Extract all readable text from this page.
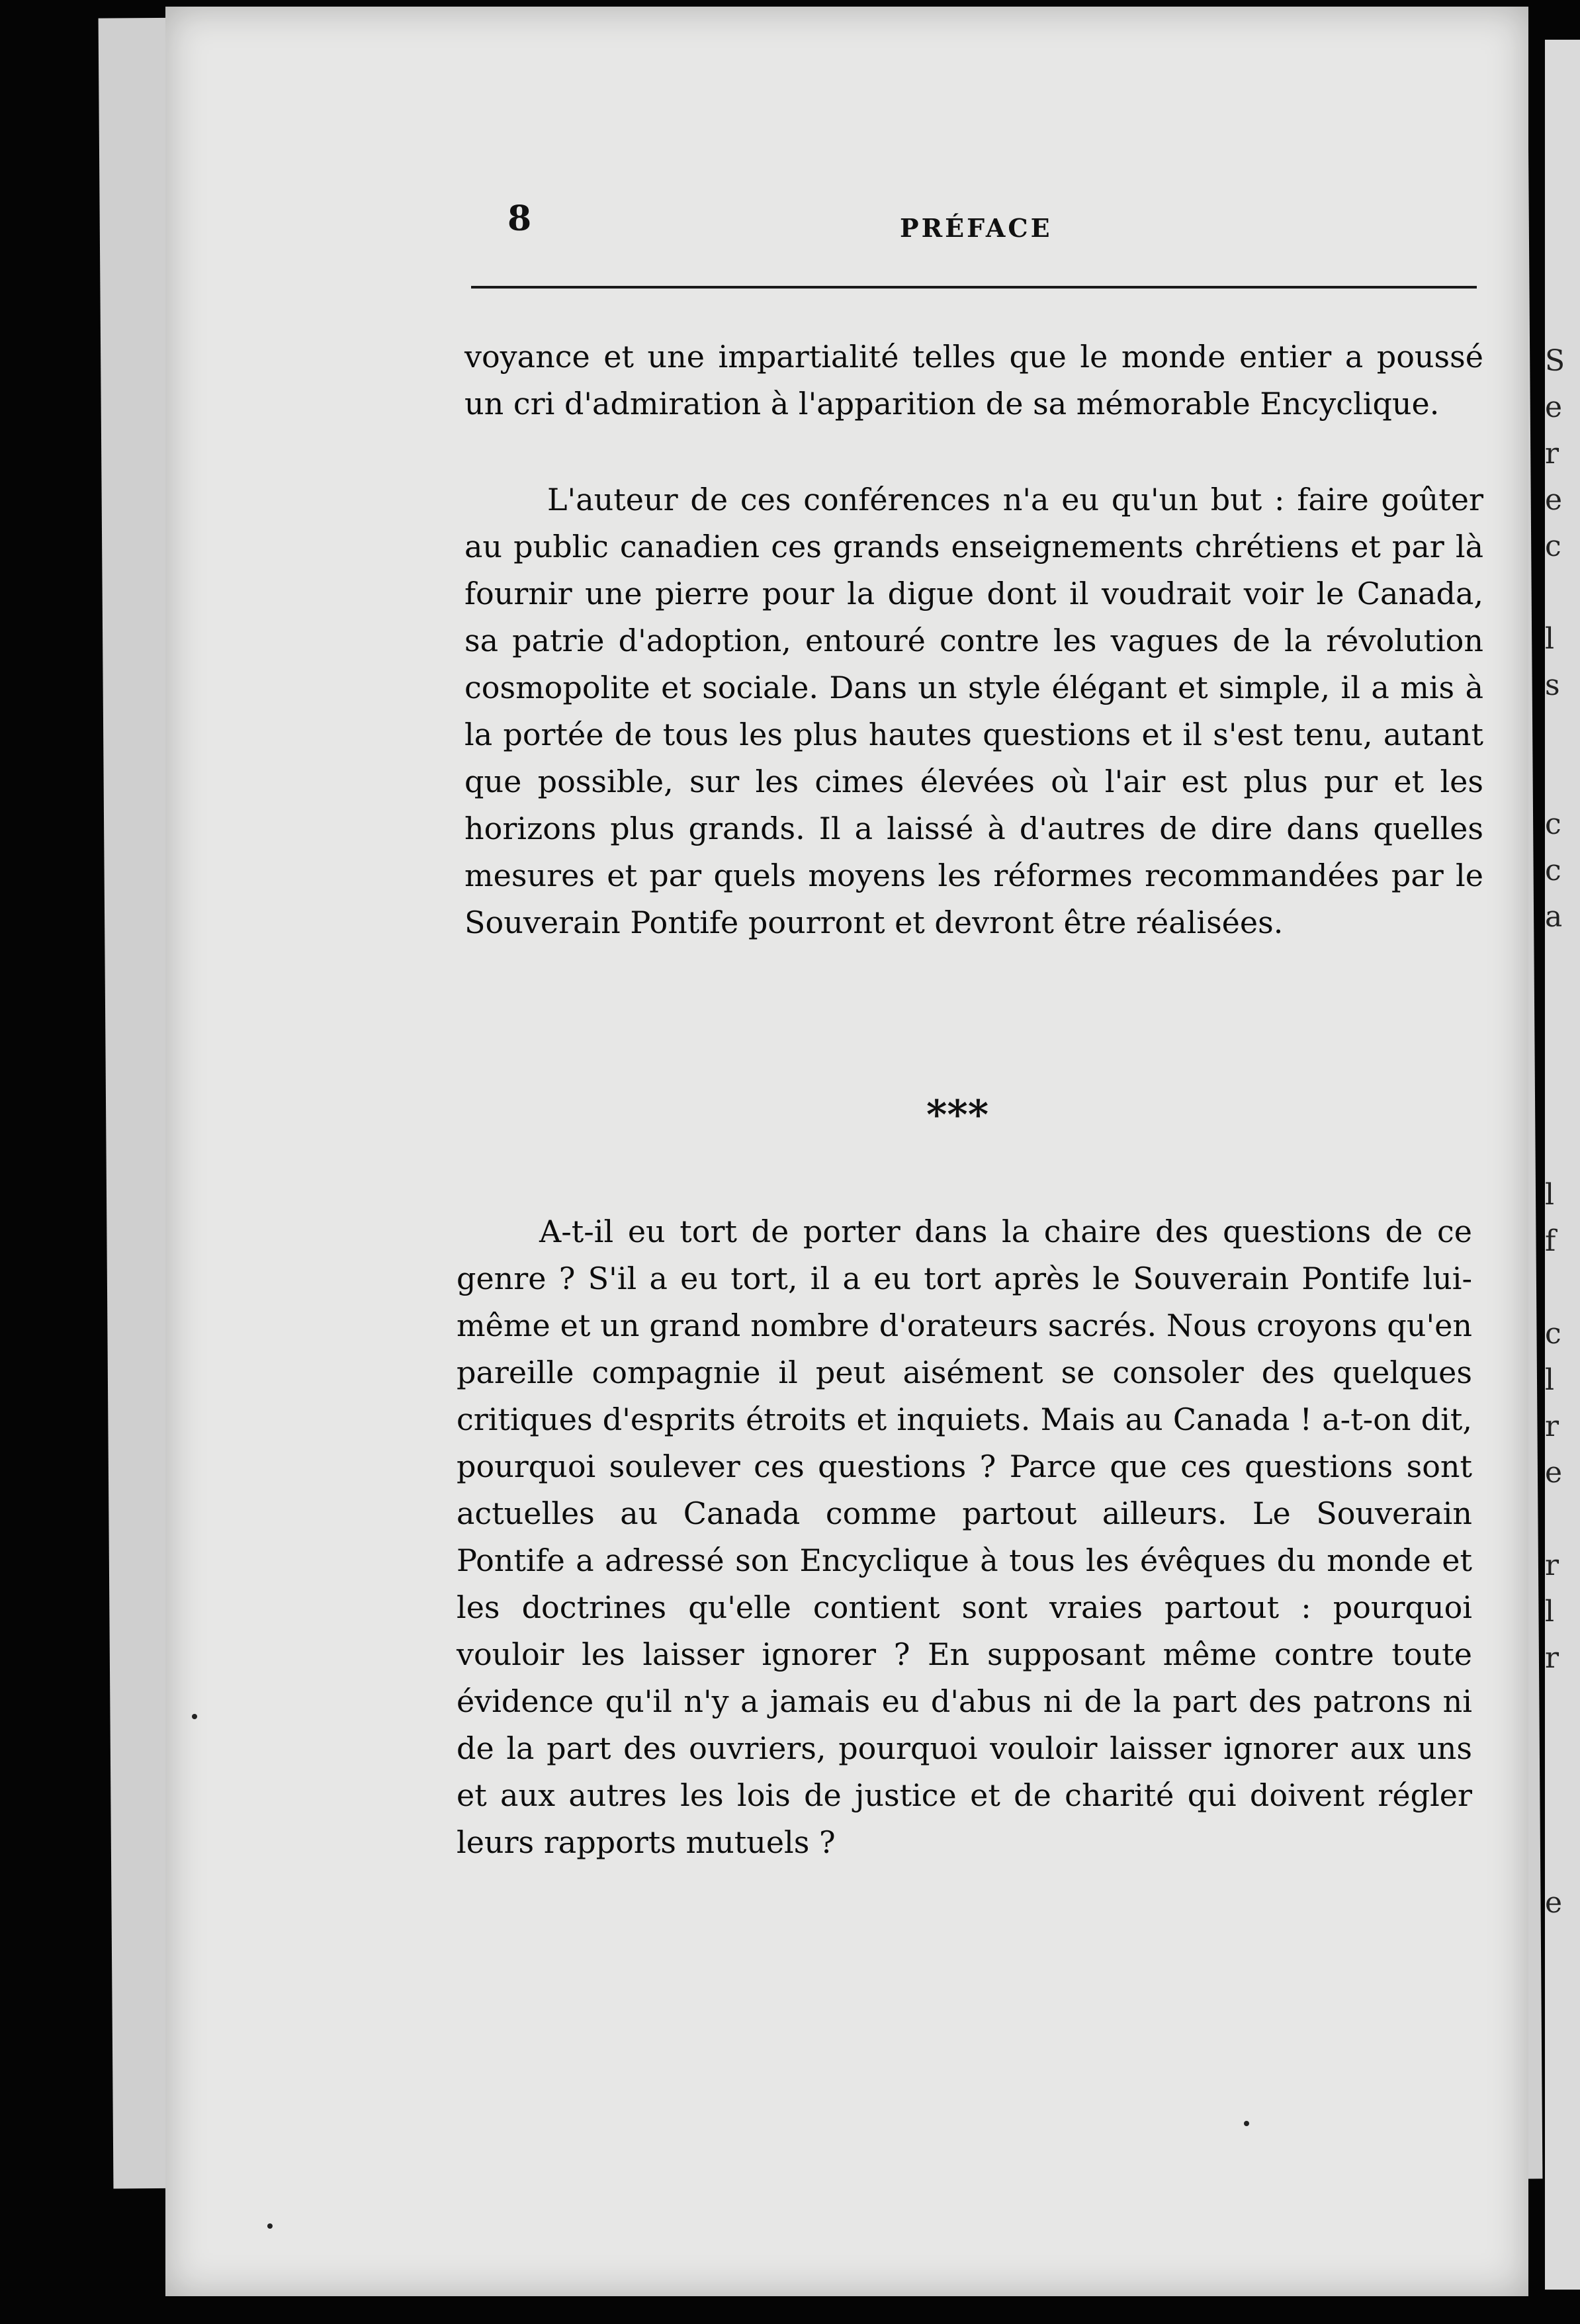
S
e
r
e
c
l
s
c
c
a
l
f
c
l
r
e
r
l
r
e
8	PRÉFACE

voyance et une impartialité telles que le monde entier a poussé un cri d'admiration à l'apparition de sa mémorable Encyclique.

L'auteur de ces conférences n'a eu qu'un but : faire goûter au public canadien ces grands enseignements chrétiens et par là fournir une pierre pour la digue dont il voudrait voir le Canada, sa patrie d'adoption, entouré contre les vagues de la révolution cosmopolite et sociale. Dans un style élégant et simple, il a mis à la portée de tous les plus hautes questions et il s'est tenu, autant que possible, sur les cimes élevées où l'air est plus pur et les horizons plus grands. Il a laissé à d'autres de dire dans quelles mesures et par quels moyens les réformes recommandées par le Souverain Pontife pourront et devront être réalisées.

***

A-t-il eu tort de porter dans la chaire des questions de ce genre ? S'il a eu tort, il a eu tort après le Souverain Pontife lui-même et un grand nombre d'orateurs sacrés. Nous croyons qu'en pareille compagnie il peut aisément se consoler des quelques critiques d'esprits étroits et inquiets. Mais au Canada ! a-t-on dit, pourquoi soulever ces questions ? Parce que ces questions sont actuelles au Canada comme partout ailleurs. Le Souverain Pontife a adressé son Encyclique à tous les évêques du monde et les doctrines qu'elle contient sont vraies partout : pourquoi vouloir les laisser ignorer ? En supposant même contre toute évidence qu'il n'y a jamais eu d'abus ni de la part des patrons ni de la part des ouvriers, pourquoi vouloir laisser ignorer aux uns et aux autres les lois de justice et de charité qui doivent régler leurs rapports mutuels ?
